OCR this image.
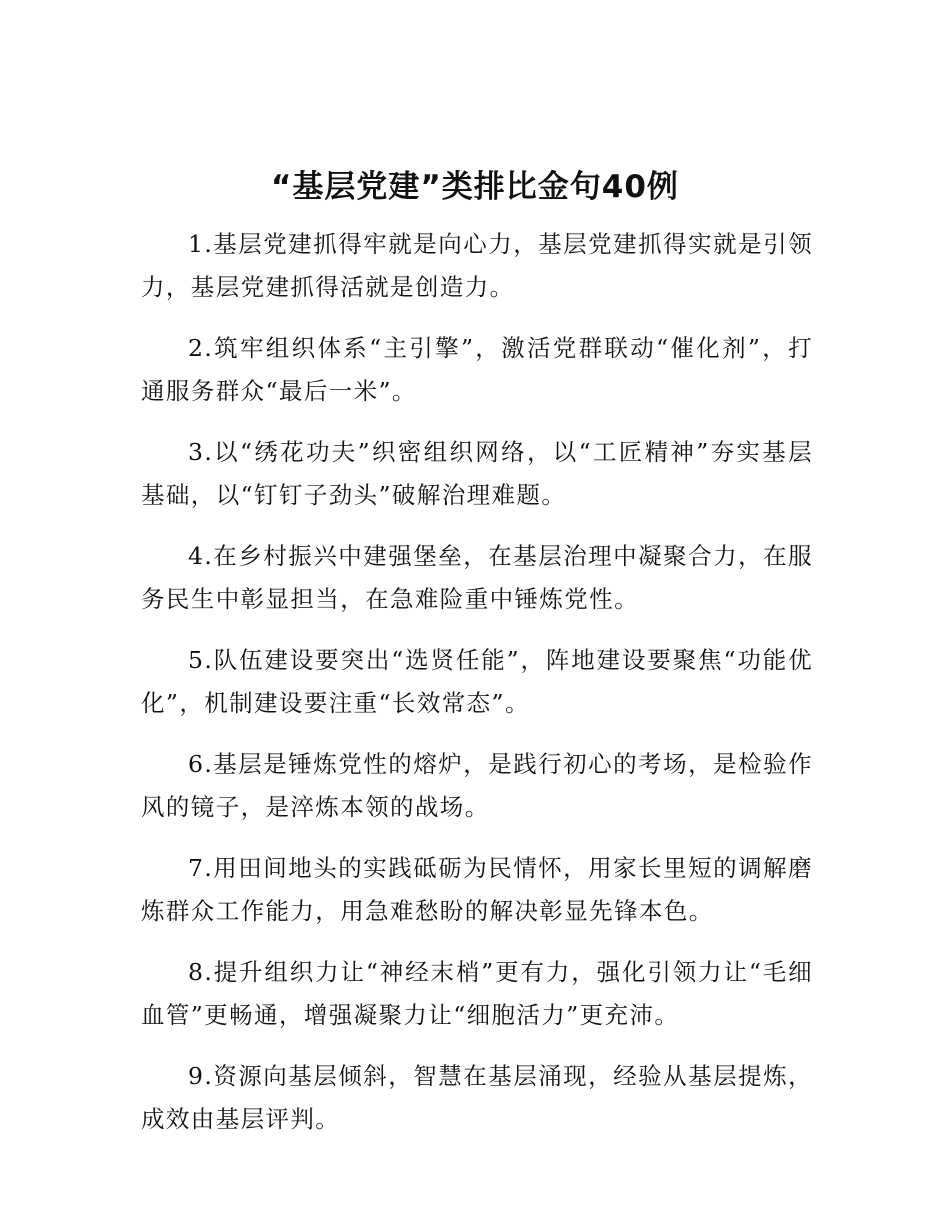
“基层党建”类排比金句40例

1.基层党建抓得牢就是向心力，基层党建抓得实就是引领力，基层党建抓得活就是创造力。

2.筑牢组织体系“主引擎”，激活党群联动“催化剂”，打通服务群众“最后一米”。

3.以“绣花功夫”织密组织网络，以“工匠精神”夯实基层基础，以“钉钉子劲头”破解治理难题。

4.在乡村振兴中建强堡垒，在基层治理中凝聚合力，在服务民生中彰显担当，在急难险重中锤炼党性。

5.队伍建设要突出“选贤任能”，阵地建设要聚焦“功能优化”，机制建设要注重“长效常态”。

6.基层是锤炼党性的熔炉，是践行初心的考场，是检验作风的镜子，是淬炼本领的战场。

7.用田间地头的实践砥砺为民情怀，用家长里短的调解磨炼群众工作能力，用急难愁盼的解决彰显先锋本色。

8.提升组织力让“神经末梢”更有力，强化引领力让“毛细血管”更畅通，增强凝聚力让“细胞活力”更充沛。

9.资源向基层倾斜，智慧在基层涌现，经验从基层提炼，成效由基层评判。
